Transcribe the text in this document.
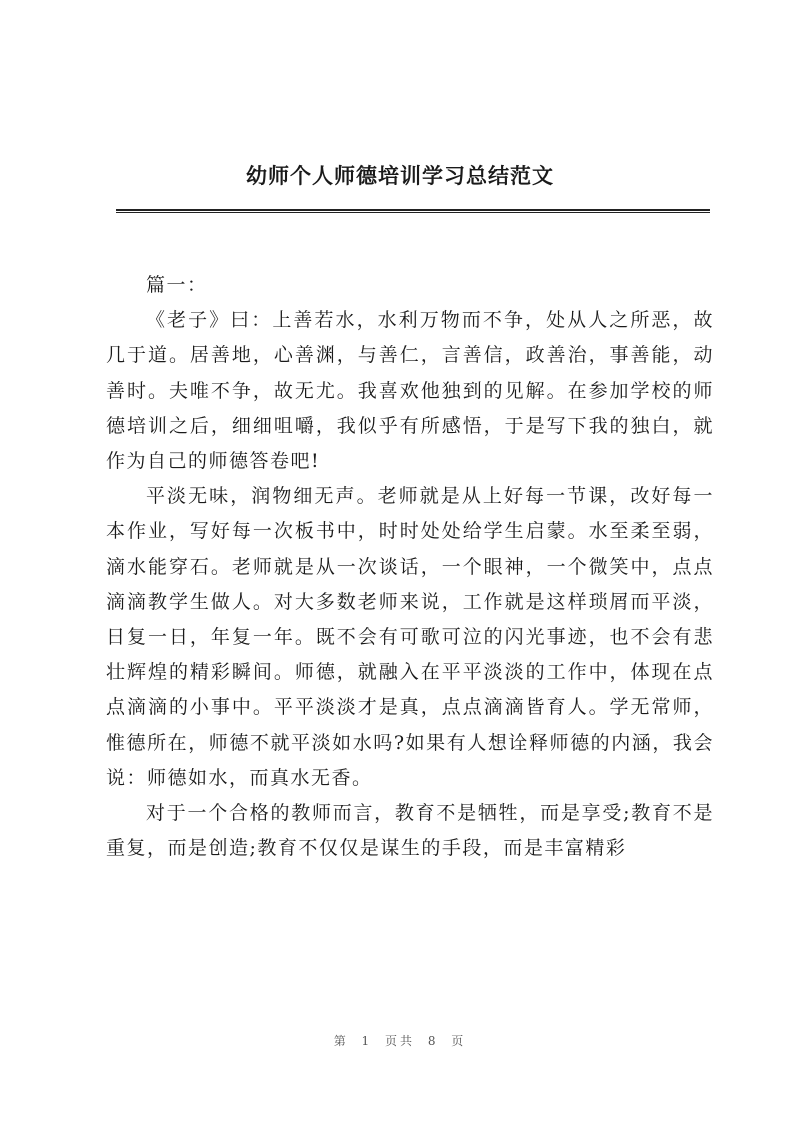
幼师个人师德培训学习总结范文

篇一：

《老子》曰：上善若水，水利万物而不争，处从人之所恶，故几于道。居善地，心善渊，与善仁，言善信，政善治，事善能，动善时。夫唯不争，故无尤。我喜欢他独到的见解。在参加学校的师德培训之后，细细咀嚼，我似乎有所感悟，于是写下我的独白，就作为自己的师德答卷吧!

平淡无味，润物细无声。老师就是从上好每一节课，改好每一本作业，写好每一次板书中，时时处处给学生启蒙。水至柔至弱，滴水能穿石。老师就是从一次谈话，一个眼神，一个微笑中，点点滴滴教学生做人。对大多数老师来说，工作就是这样琐屑而平淡，日复一日，年复一年。既不会有可歌可泣的闪光事迹，也不会有悲壮辉煌的精彩瞬间。师德，就融入在平平淡淡的工作中，体现在点点滴滴的小事中。平平淡淡才是真，点点滴滴皆育人。学无常师，惟德所在，师德不就平淡如水吗?如果有人想诠释师德的内涵，我会说：师德如水，而真水无香。

对于一个合格的教师而言，教育不是牺牲，而是享受;教育不是重复，而是创造;教育不仅仅是谋生的手段，而是丰富精彩

第 1 页共 8 页
